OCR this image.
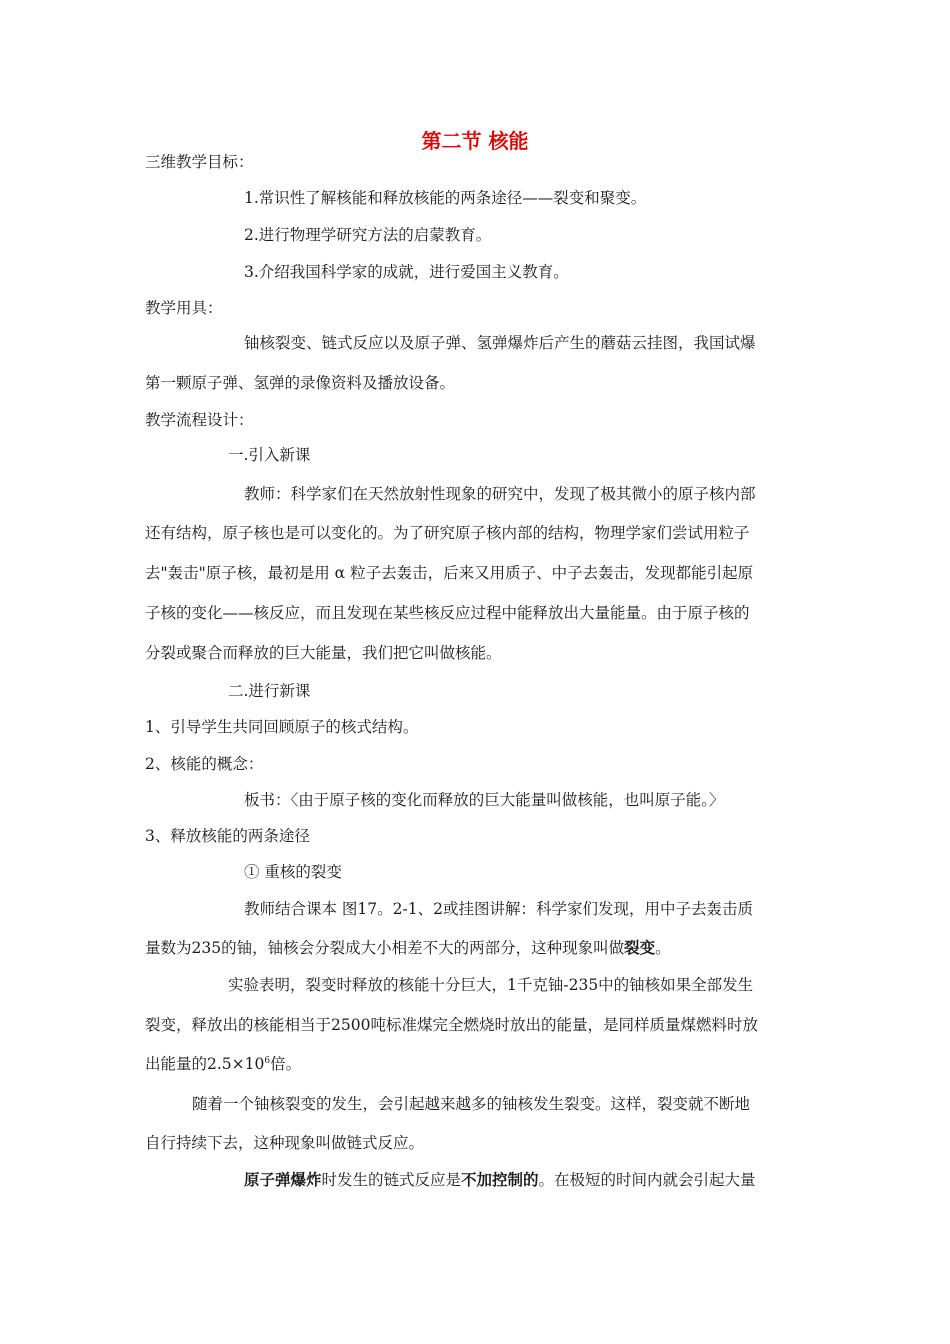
第二节 核能
三维教学目标：
1.常识性了解核能和释放核能的两条途径——裂变和聚变。
2.进行物理学研究方法的启蒙教育。
3.介绍我国科学家的成就，进行爱国主义教育。
教学用具：
铀核裂变、链式反应以及原子弹、氢弹爆炸后产生的蘑菇云挂图，我国试爆
第一颗原子弹、氢弹的录像资料及播放设备。
教学流程设计：
一.引入新课
教师：科学家们在天然放射性现象的研究中，发现了极其微小的原子核内部
还有结构，原子核也是可以变化的。为了研究原子核内部的结构，物理学家们尝试用粒子
去"轰击"原子核，最初是用 α 粒子去轰击，后来又用质子、中子去轰击，发现都能引起原
子核的变化——核反应，而且发现在某些核反应过程中能释放出大量能量。由于原子核的
分裂或聚合而释放的巨大能量，我们把它叫做核能。
二.进行新课
1、引导学生共同回顾原子的核式结构。
2、核能的概念：
板书：〈由于原子核的变化而释放的巨大能量叫做核能，也叫原子能。〉
3、释放核能的两条途径
① 重核的裂变
教师结合课本 图17。2-1、2或挂图讲解：科学家们发现，用中子去轰击质
量数为235的铀，铀核会分裂成大小相差不大的两部分，这种现象叫做裂变。
实验表明，裂变时释放的核能十分巨大，1千克铀-235中的铀核如果全部发生
裂变，释放出的核能相当于2500吨标准煤完全燃烧时放出的能量，是同样质量煤燃料时放
出能量的$2.5\times 10^6$倍。
随着一个铀核裂变的发生，会引起越来越多的铀核发生裂变。这样，裂变就不断地
自行持续下去，这种现象叫做链式反应。
原子弹爆炸时发生的链式反应是不加控制的。在极短的时间内就会引起大量
